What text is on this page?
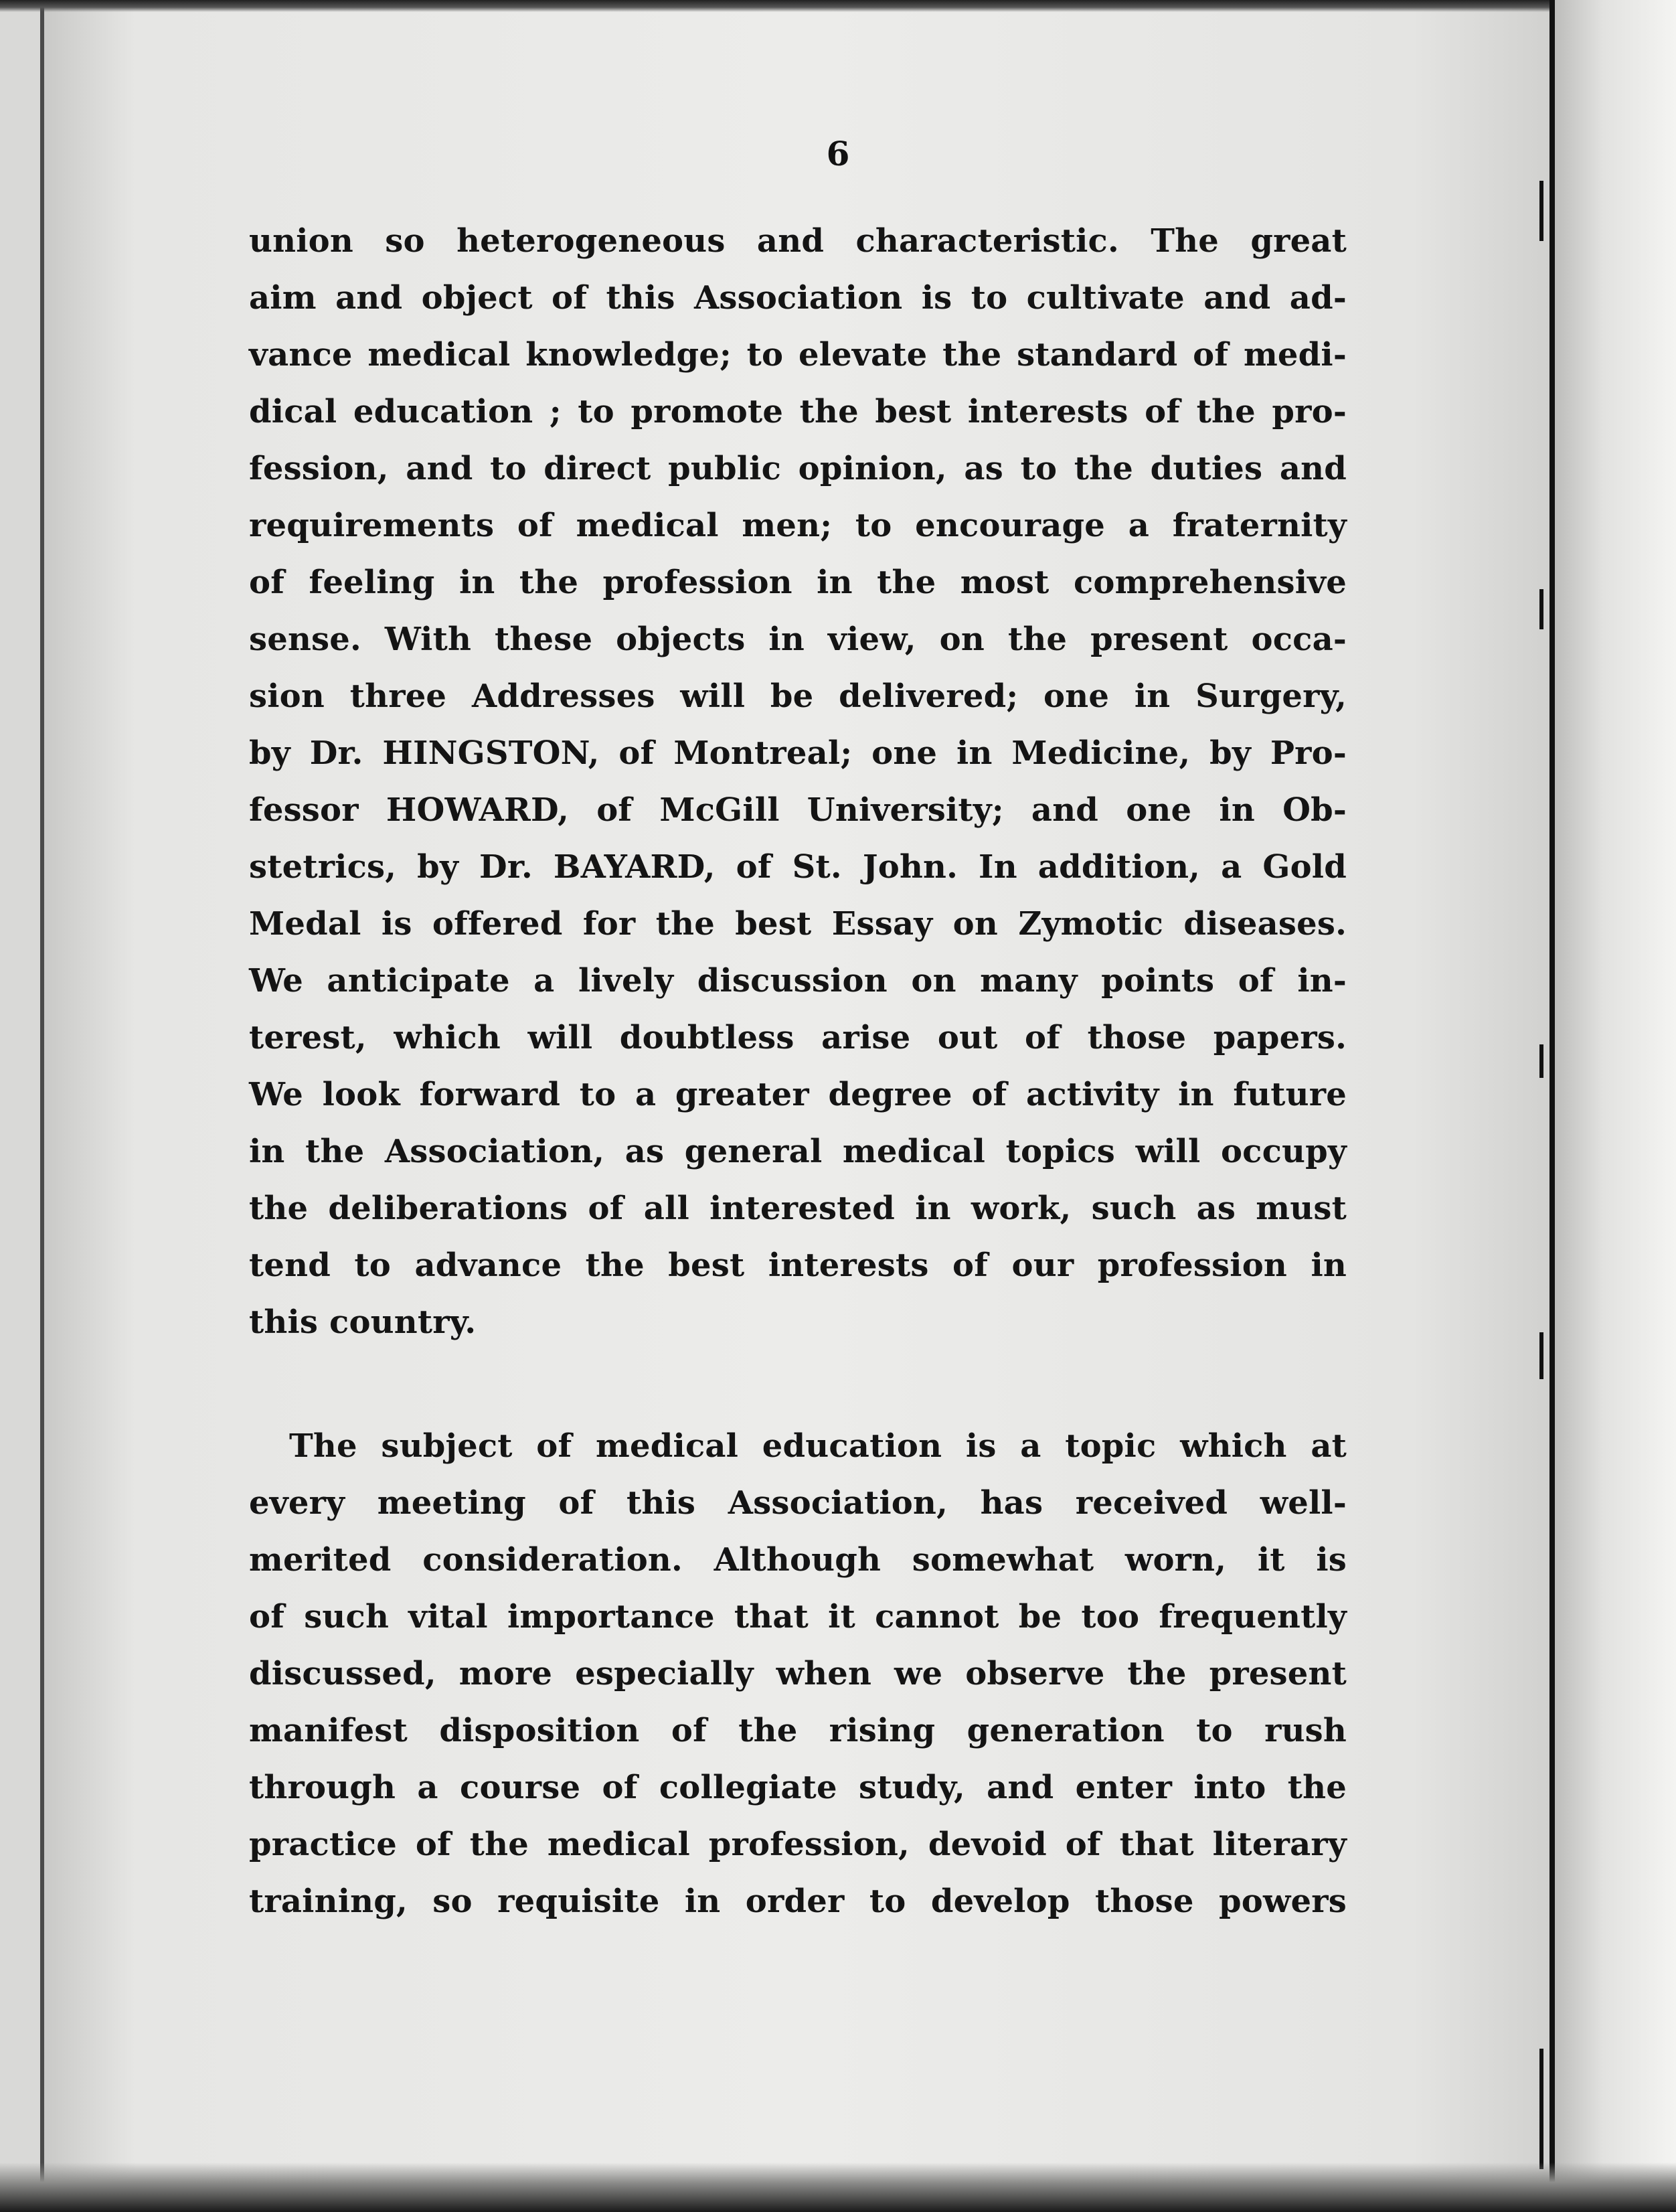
6
union so heterogeneous and characteristic. The great
aim and object of this Association is to cultivate and ad-
vance medical knowledge; to elevate the standard of medi-
dical education ; to promote the best interests of the pro-
fession, and to direct public opinion, as to the duties and
requirements of medical men; to encourage a fraternity
of feeling in the profession in the most comprehensive
sense. With these objects in view, on the present occa-
sion three Addresses will be delivered; one in Surgery,
by Dr. HINGSTON, of Montreal; one in Medicine, by Pro-
fessor HOWARD, of McGill University; and one in Ob-
stetrics, by Dr. BAYARD, of St. John. In addition, a Gold
Medal is offered for the best Essay on Zymotic diseases.
We anticipate a lively discussion on many points of in-
terest, which will doubtless arise out of those papers.
We look forward to a greater degree of activity in future
in the Association, as general medical topics will occupy
the deliberations of all interested in work, such as must
tend to advance the best interests of our profession in
this country.
The subject of medical education is a topic which at
every meeting of this Association, has received well-
merited consideration. Although somewhat worn, it is
of such vital importance that it cannot be too frequently
discussed, more especially when we observe the present
manifest disposition of the rising generation to rush
through a course of collegiate study, and enter into the
practice of the medical profession, devoid of that literary
training, so requisite in order to develop those powers
